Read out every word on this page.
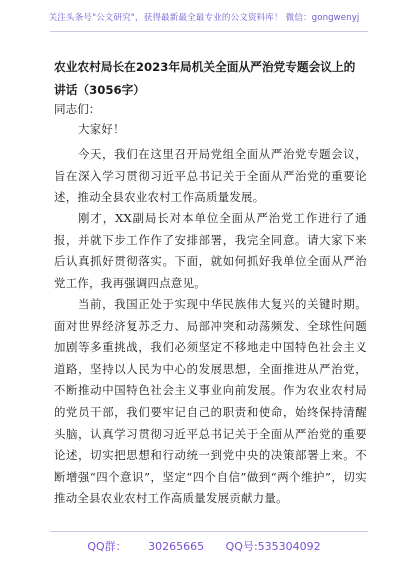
关注头条号"公文研究"，获得最新最全最专业的公文资料库！ 微信：gongwenyj
农业农村局长在2023年局机关全面从严治党专题会议上的讲话（3056字）
同志们：
大家好！
今天，我们在这里召开局党组全面从严治党专题会议，旨在深入学习贯彻习近平总书记关于全面从严治党的重要论述，推动全县农业农村工作高质量发展。
刚才，XX副局长对本单位全面从严治党工作进行了通报，并就下步工作作了安排部署，我完全同意。请大家下来后认真抓好贯彻落实。下面，就如何抓好我单位全面从严治党工作，我再强调四点意见。
当前，我国正处于实现中华民族伟大复兴的关键时期。面对世界经济复苏乏力、局部冲突和动荡频发、全球性问题加剧等多重挑战，我们必须坚定不移地走中国特色社会主义道路，坚持以人民为中心的发展思想，全面推进从严治党，不断推动中国特色社会主义事业向前发展。作为农业农村局的党员干部，我们要牢记自己的职责和使命，始终保持清醒头脑，认真学习贯彻习近平总书记关于全面从严治党的重要论述，切实把思想和行动统一到党中央的决策部署上来。不断增强“四个意识”，坚定“四个自信”做到“两个维护”，切实推动全县农业农村工作高质量发展贡献力量。
QQ群： 30265665 QQ号:535304092
